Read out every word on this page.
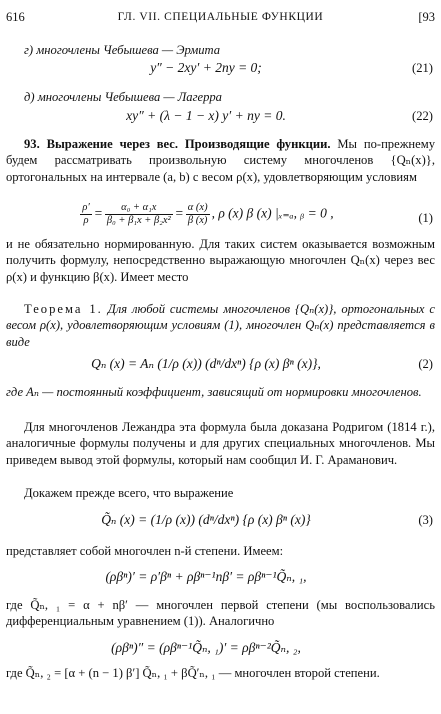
616	ГЛ. VII. СПЕЦИАЛЬНЫЕ ФУНКЦИИ	[93
г) многочлены Чебышева — Эрмита
y″ − 2xy′ + 2ny = 0;	(21)
д) многочлены Чебышева — Лагерра
xy″ + (λ − 1 − x) y′ + ny = 0.	(22)
93. Выражение через вес. Производящие функции. Мы по-прежнему будем рассматривать произвольную систему многочленов {Qₙ(x)}, ортогональных на интервале (a, b) с весом ρ(x), удовлетворяющим условиям
$\frac{\rho'}{\rho} = \frac{\text{α₀ + α₁x}}{\text{β₀ + β₁x + β₂x²}} = \frac{\alpha (x)}{\beta (x)}$ , ρ (x) β (x) |ₓ₌ₐ, ᵦ = 0 ,	(1)
и не обязательно нормированную. Для таких систем оказывается возможным получить формулу, непосредственно выражающую многочлен Qₙ(x) через вес ρ(x) и функцию β(x). Имеет место
Теорема 1. Для любой системы многочленов {Qₙ(x)}, ортогональных с весом ρ(x), удовлетворяющим условиям (1), многочлен Qₙ(x) представляется в виде
Qₙ (x) = Aₙ (1/ρ (x)) (dⁿ/dxⁿ) {ρ (x) βⁿ (x)},	(2)
где Aₙ — постоянный коэффициент, зависящий от нормировки многочленов.
Для многочленов Лежандра эта формула была доказана Родригом (1814 г.), аналогичные формулы получены и для других специальных многочленов. Мы приведем вывод этой формулы, который нам сообщил И. Г. Араманович.
Докажем прежде всего, что выражение
Q̃ₙ (x) = (1/ρ (x)) (dⁿ/dxⁿ) {ρ (x) βⁿ (x)}	(3)
представляет собой многочлен n-й степени. Имеем:
(ρβⁿ)′ = ρ′βⁿ + ρβⁿ⁻¹nβ′ = ρβⁿ⁻¹Q̃ₙ, ₁,
где Q̃ₙ, ₁ = α + nβ′ — многочлен первой степени (мы воспользовались дифференциальным уравнением (1)). Аналогично
(ρβⁿ)″ = (ρβⁿ⁻¹Q̃ₙ, ₁)′ = ρβⁿ⁻²Q̃ₙ, ₂,
где Q̃ₙ, ₂ = [α + (n − 1) β′] Q̃ₙ, ₁ + βQ̃′ₙ, ₁ — многочлен второй степени.
